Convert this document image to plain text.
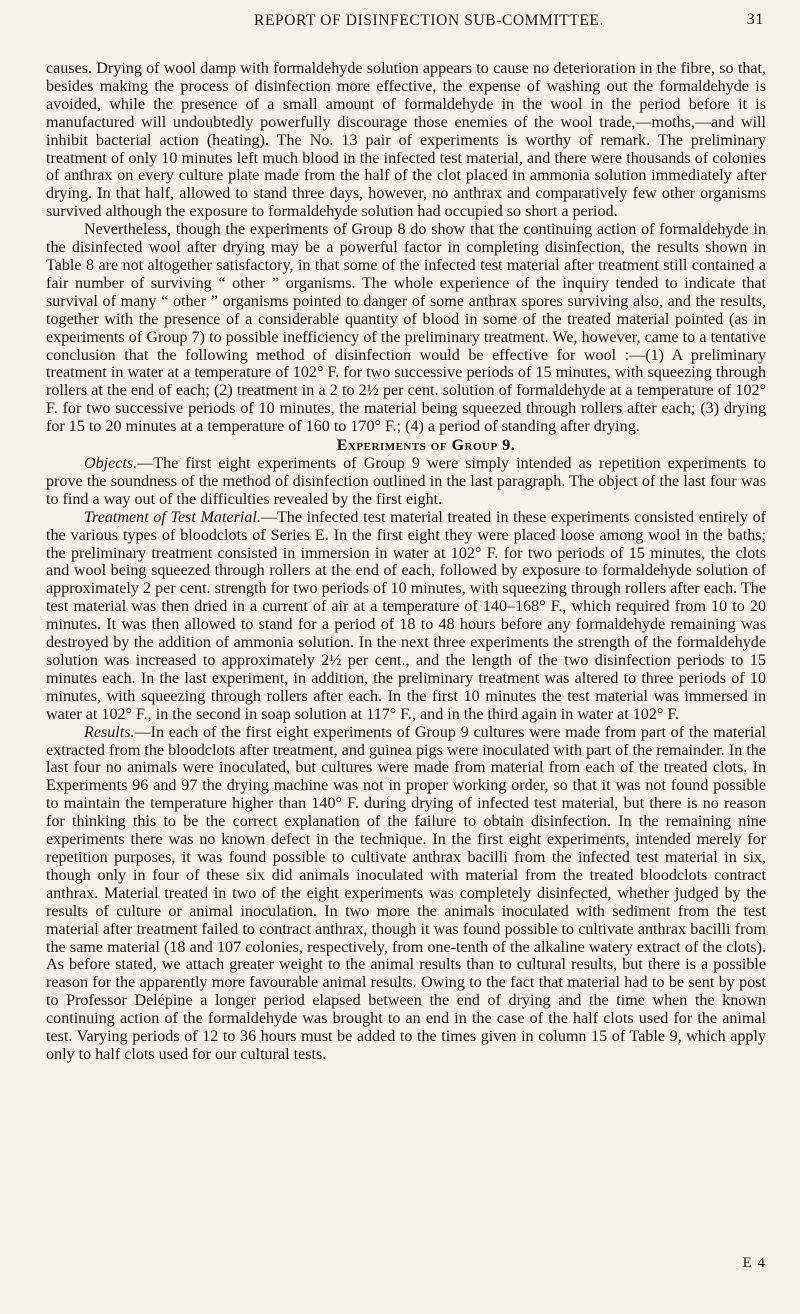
REPORT OF DISINFECTION SUB-COMMITTEE.	31

causes. Drying of wool damp with formaldehyde solution appears to cause no deterioration in the fibre, so that, besides making the process of disinfection more effective, the expense of washing out the formaldehyde is avoided, while the presence of a small amount of formaldehyde in the wool in the period before it is manufactured will undoubtedly powerfully discourage those enemies of the wool trade,—moths,—and will inhibit bacterial action (heating). The No. 13 pair of experiments is worthy of remark. The preliminary treatment of only 10 minutes left much blood in the infected test material, and there were thousands of colonies of anthrax on every culture plate made from the half of the clot placed in ammonia solution immediately after drying. In that half, allowed to stand three days, however, no anthrax and comparatively few other organisms survived although the exposure to formaldehyde solution had occupied so short a period.

Nevertheless, though the experiments of Group 8 do show that the continuing action of formaldehyde in the disinfected wool after drying may be a powerful factor in completing disinfection, the results shown in Table 8 are not altogether satisfactory, in that some of the infected test material after treatment still contained a fair number of surviving “ other ” organisms. The whole experience of the inquiry tended to indicate that survival of many “ other ” organisms pointed to danger of some anthrax spores surviving also, and the results, together with the presence of a considerable quantity of blood in some of the treated material pointed (as in experiments of Group 7) to possible inefficiency of the preliminary treatment. We, however, came to a tentative conclusion that the following method of disinfection would be effective for wool :—(1) A preliminary treatment in water at a temperature of 102° F. for two successive periods of 15 minutes, with squeezing through rollers at the end of each; (2) treatment in a 2 to 2½ per cent. solution of formaldehyde at a temperature of 102° F. for two successive periods of 10 minutes, the material being squeezed through rollers after each; (3) drying for 15 to 20 minutes at a temperature of 160 to 170° F.; (4) a period of standing after drying.

Experiments of Group 9.

Objects.—The first eight experiments of Group 9 were simply intended as repetition experiments to prove the soundness of the method of disinfection outlined in the last paragraph. The object of the last four was to find a way out of the difficulties revealed by the first eight.

Treatment of Test Material.—The infected test material treated in these experiments consisted entirely of the various types of bloodclots of Series E. In the first eight they were placed loose among wool in the baths; the preliminary treatment consisted in immersion in water at 102° F. for two periods of 15 minutes, the clots and wool being squeezed through rollers at the end of each, followed by exposure to formaldehyde solution of approximately 2 per cent. strength for two periods of 10 minutes, with squeezing through rollers after each. The test material was then dried in a current of air at a temperature of 140–168° F., which required from 10 to 20 minutes. It was then allowed to stand for a period of 18 to 48 hours before any formaldehyde remaining was destroyed by the addition of ammonia solution. In the next three experiments the strength of the formaldehyde solution was increased to approximately 2½ per cent., and the length of the two disinfection periods to 15 minutes each. In the last experiment, in addition, the preliminary treatment was altered to three periods of 10 minutes, with squeezing through rollers after each. In the first 10 minutes the test material was immersed in water at 102° F., in the second in soap solution at 117° F., and in the third again in water at 102° F.

Results.—In each of the first eight experiments of Group 9 cultures were made from part of the material extracted from the bloodclots after treatment, and guinea pigs were inoculated with part of the remainder. In the last four no animals were inoculated, but cultures were made from material from each of the treated clots. In Experiments 96 and 97 the drying machine was not in proper working order, so that it was not found possible to maintain the temperature higher than 140° F. during drying of infected test material, but there is no reason for thinking this to be the correct explanation of the failure to obtain disinfection. In the remaining nine experiments there was no known defect in the technique. In the first eight experiments, intended merely for repetition purposes, it was found possible to cultivate anthrax bacilli from the infected test material in six, though only in four of these six did animals inoculated with material from the treated bloodclots contract anthrax. Material treated in two of the eight experiments was completely disinfected, whether judged by the results of culture or animal inoculation. In two more the animals inoculated with sediment from the test material after treatment failed to contract anthrax, though it was found possible to cultivate anthrax bacilli from the same material (18 and 107 colonies, respectively, from one-tenth of the alkaline watery extract of the clots). As before stated, we attach greater weight to the animal results than to cultural results, but there is a possible reason for the apparently more favourable animal results. Owing to the fact that material had to be sent by post to Professor Delépine a longer period elapsed between the end of drying and the time when the known continuing action of the formaldehyde was brought to an end in the case of the half clots used for the animal test. Varying periods of 12 to 36 hours must be added to the times given in column 15 of Table 9, which apply only to half clots used for our cultural tests.

E 4
